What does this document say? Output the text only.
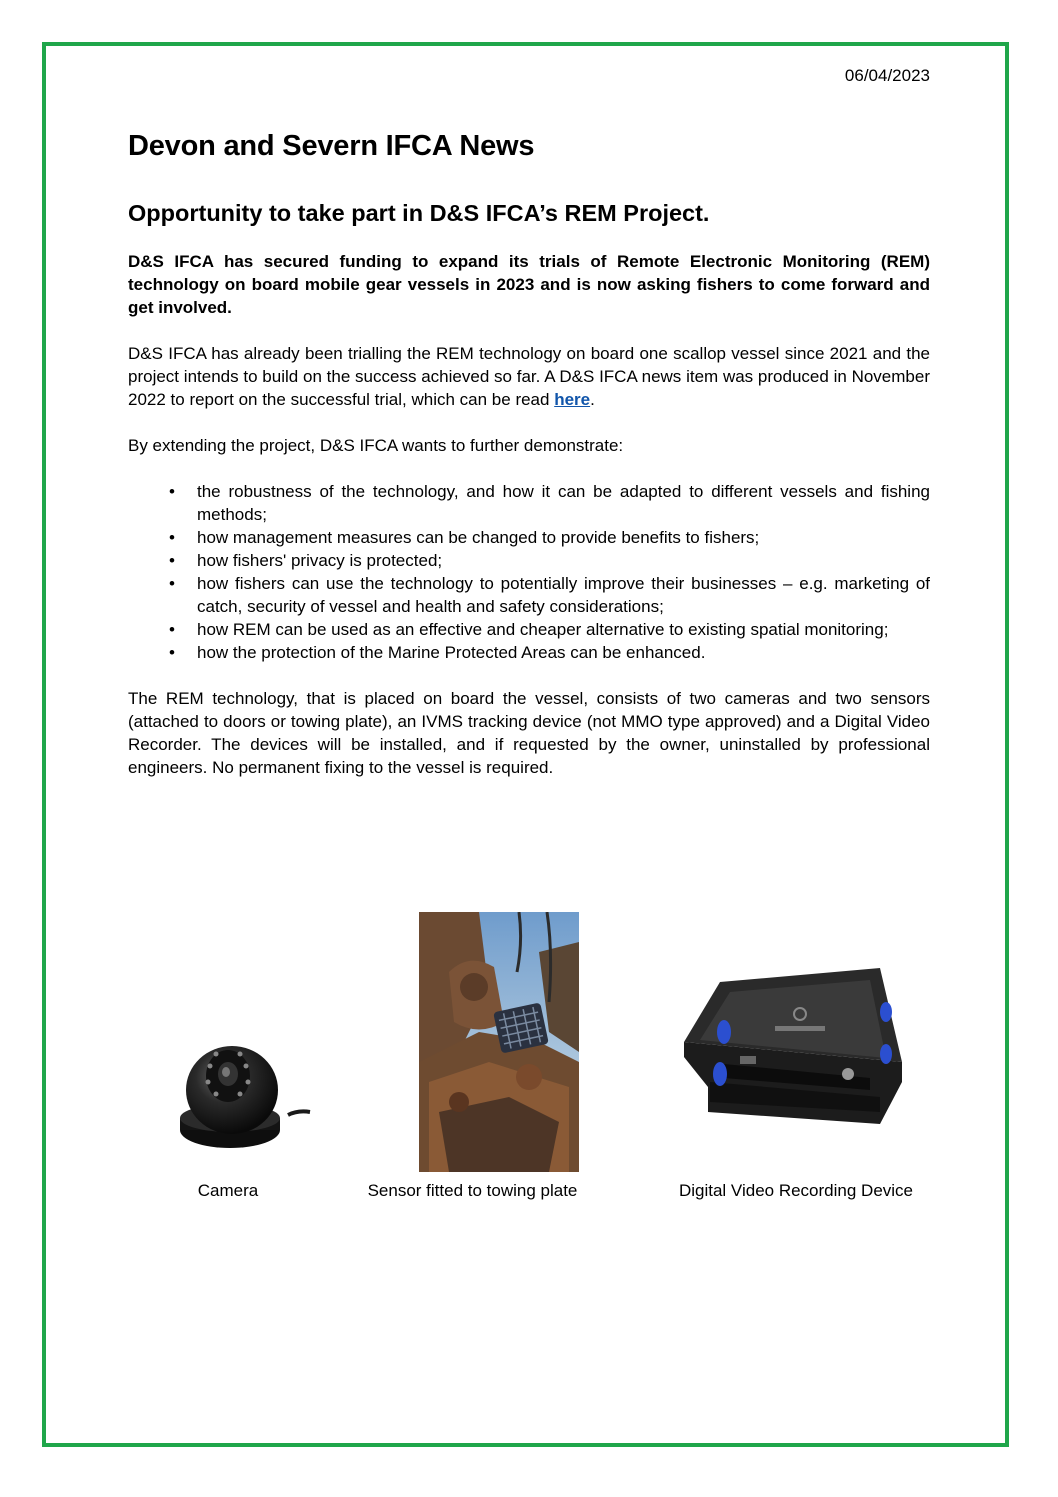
06/04/2023
Devon and Severn IFCA News
Opportunity to take part in D&S IFCA’s REM Project.

D&S IFCA has secured funding to expand its trials of Remote Electronic Monitoring (REM) technology on board mobile gear vessels in 2023 and is now asking fishers to come forward and get involved.

D&S IFCA has already been trialling the REM technology on board one scallop vessel since 2021 and the project intends to build on the success achieved so far. A D&S IFCA news item was produced in November 2022 to report on the successful trial, which can be read here.

By extending the project, D&S IFCA wants to further demonstrate:

• the robustness of the technology, and how it can be adapted to different vessels and fishing methods;
• how management measures can be changed to provide benefits to fishers;
• how fishers' privacy is protected;
• how fishers can use the technology to potentially improve their businesses – e.g. marketing of catch, security of vessel and health and safety considerations;
• how REM can be used as an effective and cheaper alternative to existing spatial monitoring;
• how the protection of the Marine Protected Areas can be enhanced.

The REM technology, that is placed on board the vessel, consists of two cameras and two sensors (attached to doors or towing plate), an IVMS tracking device (not MMO type approved) and a Digital Video Recorder. The devices will be installed, and if requested by the owner, uninstalled by professional engineers. No permanent fixing to the vessel is required.

Camera	Sensor fitted to towing plate	Digital Video Recording Device
